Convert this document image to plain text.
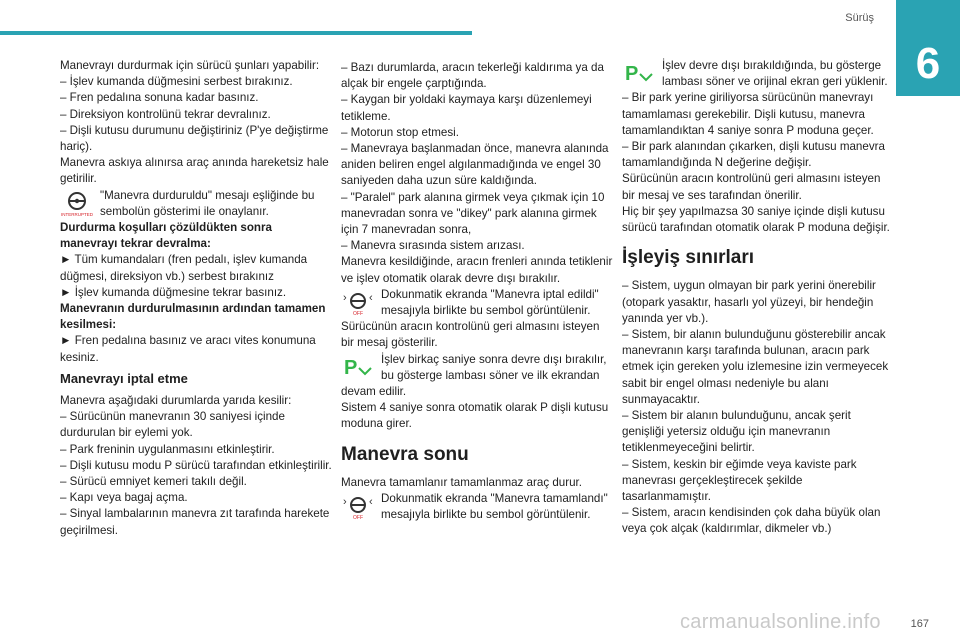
Sürüş
6

Manevrayı durdurmak için sürücü şunları yapabilir:

– İşlev kumanda düğmesini serbest bırakınız.

– Fren pedalına sonuna kadar basınız.

– Direksiyon kontrolünü tekrar devralınız.

– Dişli kutusu durumunu değiştiriniz (P'ye değiştirme hariç).

Manevra askıya alınırsa araç anında hareketsiz hale getirilir.

INTERRUPTED

"Manevra durduruldu" mesajı eşliğinde bu sembolün gösterimi ile onaylanır.

Durdurma koşulları çözüldükten sonra manevrayı tekrar devralma:

► Tüm kumandaları (fren pedalı, işlev kumanda düğmesi, direksiyon vb.) serbest bırakınız

► İşlev kumanda düğmesine tekrar basınız.

Manevranın durdurulmasının ardından tamamen kesilmesi:

► Fren pedalına basınız ve aracı vites konumuna kesiniz.

Manevrayı iptal etme

Manevra aşağıdaki durumlarda yarıda kesilir:

– Sürücünün manevranın 30 saniyesi içinde durdurulan bir eylemi yok.

– Park freninin uygulanmasını etkinleştirir.

– Dişli kutusu modu P sürücü tarafından etkinleştirilir.

– Sürücü emniyet kemeri takılı değil.

– Kapı veya bagaj açma.

– Sinyal lambalarının manevra zıt tarafında harekete geçirilmesi.

– Bazı durumlarda, aracın tekerleği kaldırıma ya da alçak bir engele çarptığında.

– Kaygan bir yoldaki kaymaya karşı düzenlemeyi tetikleme.

– Motorun stop etmesi.

– Manevraya başlanmadan önce, manevra alanında aniden beliren engel algılanmadığında ve engel 30 saniyeden daha uzun süre kaldığında.

– "Paralel" park alanına girmek veya çıkmak için 10 manevradan sonra ve "dikey" park alanına girmek için 7 manevradan sonra,

– Manevra sırasında sistem arızası.

Manevra kesildiğinde, aracın frenleri anında tetiklenir ve işlev otomatik olarak devre dışı bırakılır.

› ‹
OFF

Dokunmatik ekranda "Manevra iptal edildi" mesajıyla birlikte bu sembol görüntülenir.

Sürücünün aracın kontrolünü geri almasını isteyen bir mesaj gösterilir.

P	İşlev birkaç saniye sonra devre dışı bırakılır, bu gösterge lambası söner ve ilk ekrandan devam edilir.

Sistem 4 saniye sonra otomatik olarak P dişli kutusu moduna girer.

Manevra sonu

Manevra tamamlanır tamamlanmaz araç durur.

› ‹
OFF

Dokunmatik ekranda "Manevra tamamlandı" mesajıyla birlikte bu sembol görüntülenir.

P	İşlev devre dışı bırakıldığında, bu gösterge lambası söner ve orijinal ekran geri yüklenir.

– Bir park yerine giriliyorsa sürücünün manevrayı tamamlaması gerekebilir. Dişli kutusu, manevra tamamlandıktan 4 saniye sonra P moduna geçer.

– Bir park alanından çıkarken, dişli kutusu manevra tamamlandığında N değerine değişir.

Sürücünün aracın kontrolünü geri almasını isteyen bir mesaj ve ses tarafından önerilir.

Hiç bir şey yapılmazsa 30 saniye içinde dişli kutusu sürücü tarafından otomatik olarak P moduna değişir.

İşleyiş sınırları

– Sistem, uygun olmayan bir park yerini önerebilir (otopark yasaktır, hasarlı yol yüzeyi, bir hendeğin yanında yer vb.).

– Sistem, bir alanın bulunduğunu gösterebilir ancak manevranın karşı tarafında bulunan, aracın park etmek için gereken yolu izlemesine izin vermeyecek sabit bir engel olması nedeniyle bu alanı sunmayacaktır.

– Sistem bir alanın bulunduğunu, ancak şerit genişliği yetersiz olduğu için manevranın tetiklenmeyeceğini belirtir.

– Sistem, keskin bir eğimde veya kaviste park manevrası gerçekleştirecek şekilde tasarlanmamıştır.

– Sistem, aracın kendisinden çok daha büyük olan veya çok alçak (kaldırımlar, dikmeler vb.)

carmanualsonline.info	167
